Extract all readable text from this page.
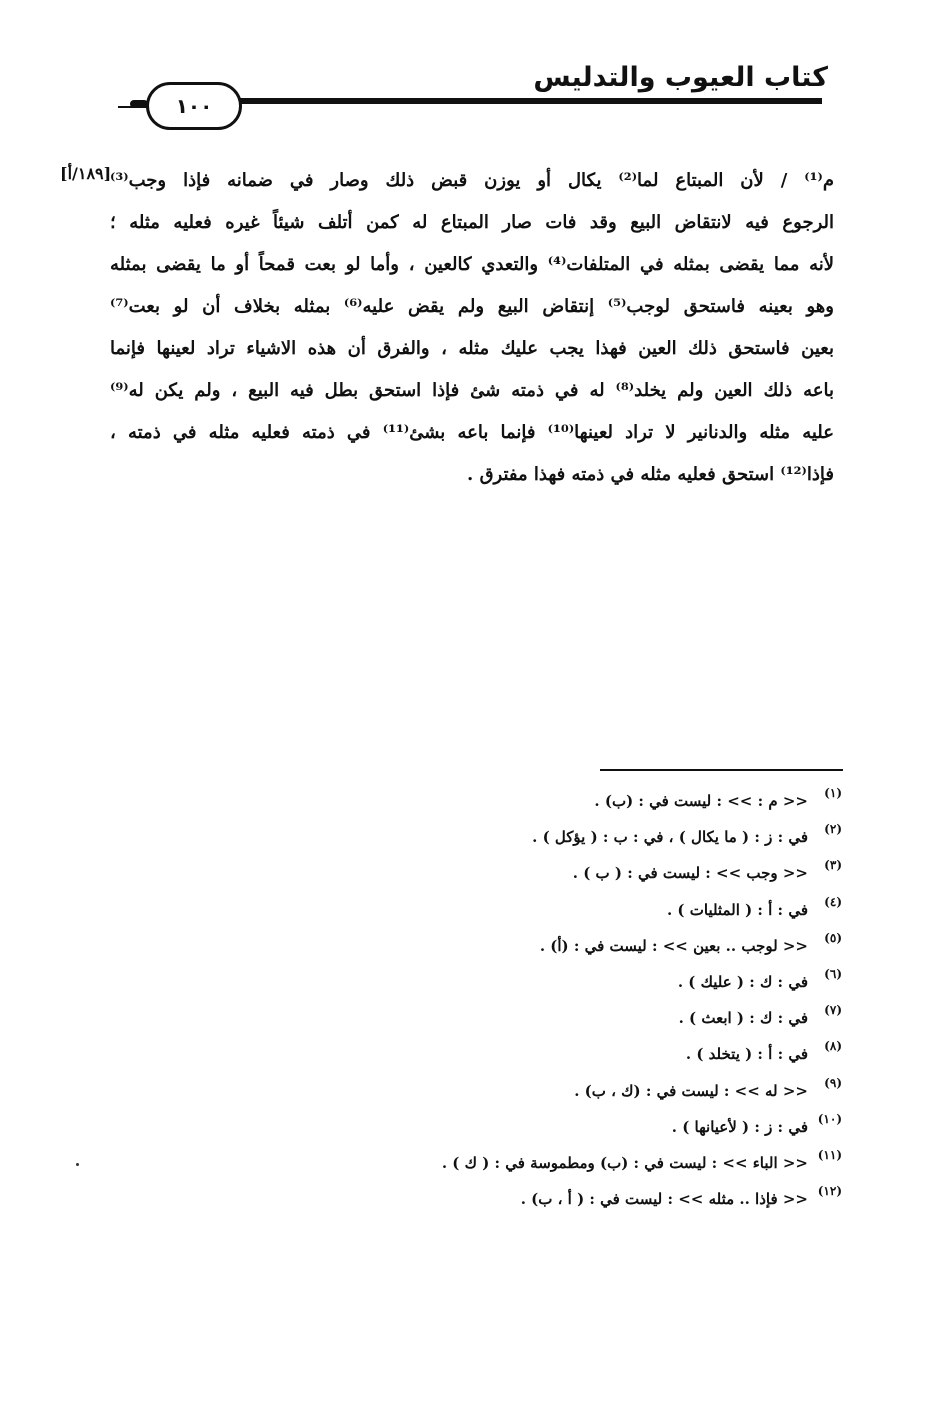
كتاب العيوب والتدليس
١٠٠
[١٨٩/أ]
م⁽¹⁾ / لأن المبتاع لما⁽²⁾ يكال أو يوزن قبض ذلك وصار في ضمانه فإذا وجب⁽³⁾
الرجوع فيه لانتقاض البيع وقد فات صار المبتاع له كمن أتلف شيئاً غيره فعليه مثله ؛
لأنه مما يقضى بمثله في المتلفات⁽⁴⁾ والتعدي كالعين ، وأما لو بعت قمحاً أو ما يقضى بمثله
وهو بعينه فاستحق لوجب⁽⁵⁾ إنتقاض البيع ولم يقض عليه⁽⁶⁾ بمثله بخلاف أن لو بعت⁽⁷⁾
بعين فاستحق ذلك العين فهذا يجب عليك مثله ، والفرق أن هذه الاشياء تراد لعينها فإنما
باعه ذلك العين ولم يخلد⁽⁸⁾ له في ذمته شئ فإذا استحق بطل فيه البيع ، ولم يكن له⁽⁹⁾
عليه مثله والدنانير لا تراد لعينها⁽¹⁰⁾ فإنما باعه بشئ⁽¹¹⁾ في ذمته فعليه مثله في ذمته ،
فإذا⁽¹²⁾ استحق فعليه مثله في ذمته فهذا مفترق .
(١)
<< م : >> : ليست في : (ب) .
(٢)
في : ز : ( ما يكال ) ، في : ب : ( يؤكل ) .
(٣)
<< وجب >> : ليست في : ( ب ) .
(٤)
في : أ : ( المثليات ) .
(٥)
<< لوجب .. بعين >> : ليست في : (أ) .
(٦)
في : ك : ( عليك ) .
(٧)
في : ك : ( ابعث ) .
(٨)
في : أ : ( يتخلد ) .
(٩)
<< له >> : ليست في : (ك ، ب) .
(١٠)
في : ز : ( لأعيانها ) .
(١١)
<< الباء >> : ليست في : (ب) ومطموسة في : ( ك ) .
(١٢)
<< فإذا .. مثله >> : ليست في : ( أ ، ب) .
